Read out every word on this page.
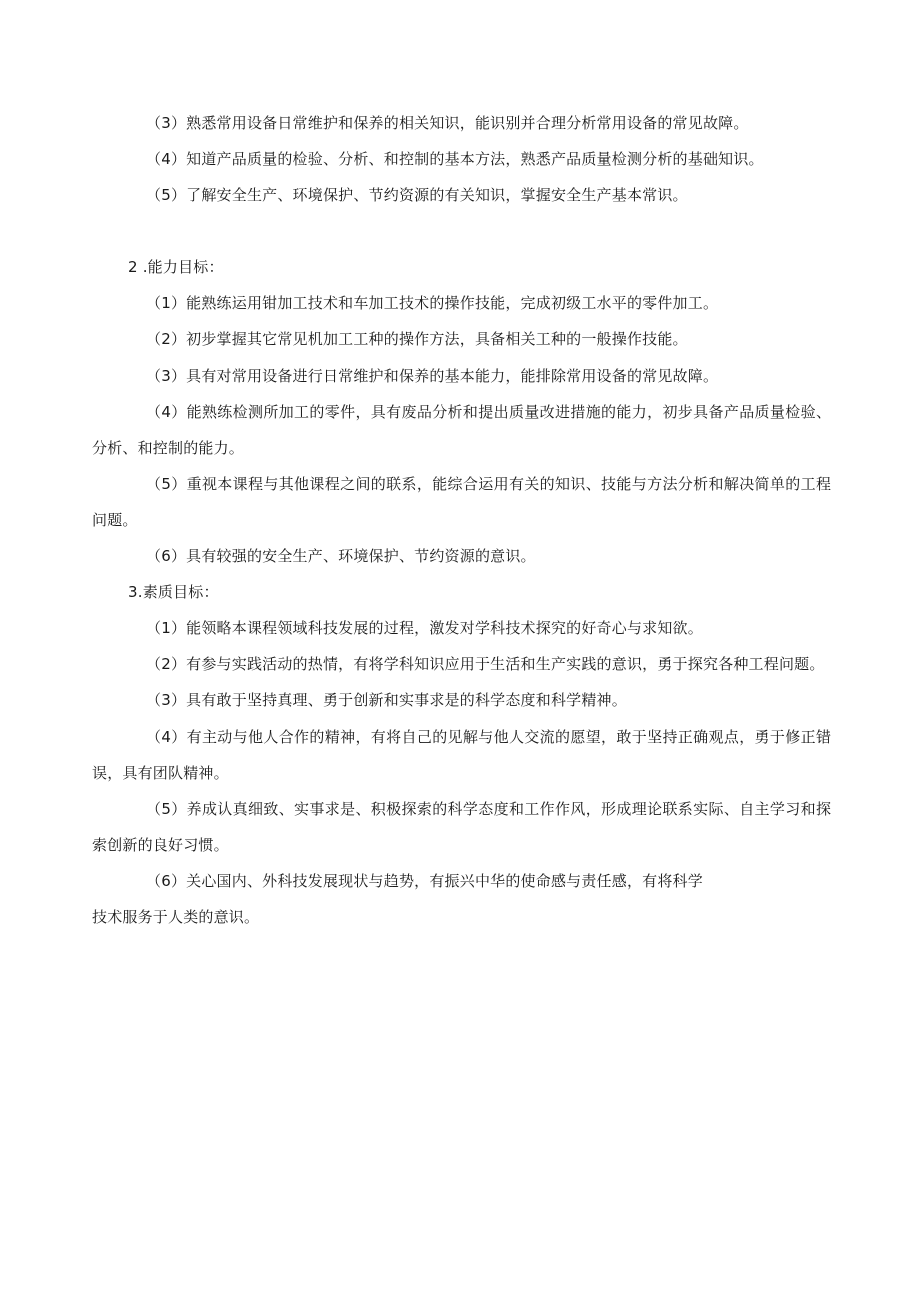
（3）熟悉常用设备日常维护和保养的相关知识，能识别并合理分析常用设备的常见故障。
（4）知道产品质量的检验、分析、和控制的基本方法，熟悉产品质量检测分析的基础知识。
（5）了解安全生产、环境保护、节约资源的有关知识，掌握安全生产基本常识。
2 .能力目标：
（1）能熟练运用钳加工技术和车加工技术的操作技能，完成初级工水平的零件加工。
（2）初步掌握其它常见机加工工种的操作方法，具备相关工种的一般操作技能。
（3）具有对常用设备进行日常维护和保养的基本能力，能排除常用设备的常见故障。
（4）能熟练检测所加工的零件，具有废品分析和提出质量改进措施的能力，初步具备产品质量检验、
分析、和控制的能力。
（5）重视本课程与其他课程之间的联系，能综合运用有关的知识、技能与方法分析和解决简单的工程
问题。
（6）具有较强的安全生产、环境保护、节约资源的意识。
3.素质目标：
（1）能领略本课程领域科技发展的过程，激发对学科技术探究的好奇心与求知欲。
（2）有参与实践活动的热情，有将学科知识应用于生活和生产实践的意识，勇于探究各种工程问题。
（3）具有敢于坚持真理、勇于创新和实事求是的科学态度和科学精神。
（4）有主动与他人合作的精神，有将自己的见解与他人交流的愿望，敢于坚持正确观点，勇于修正错
误，具有团队精神。
（5）养成认真细致、实事求是、积极探索的科学态度和工作作风，形成理论联系实际、自主学习和探
索创新的良好习惯。
（6）关心国内、外科技发展现状与趋势，有振兴中华的使命感与责任感，有将科学
技术服务于人类的意识。
